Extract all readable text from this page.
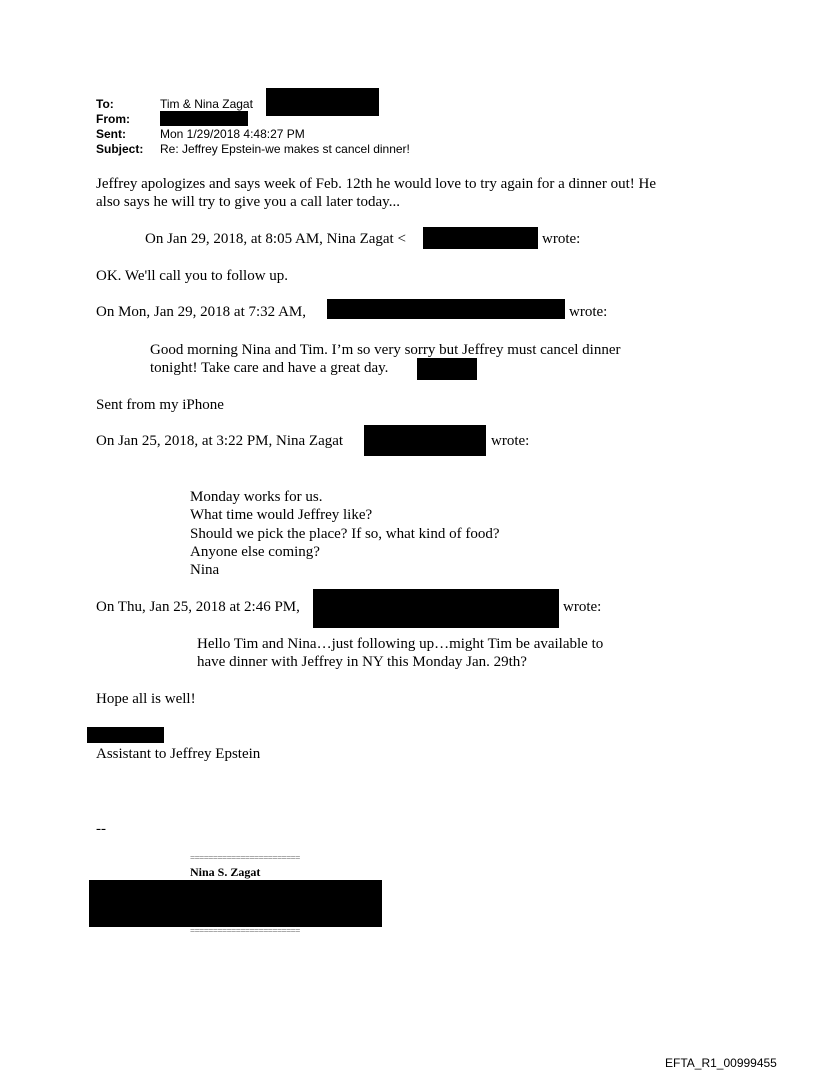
To:	Tim & Nina Zagat
From:
Sent:	Mon 1/29/2018 4:48:27 PM
Subject: Re: Jeffrey Epstein-we makes st cancel dinner!
Jeffrey apologizes and says week of Feb. 12th he would love to try again for a dinner out! He
also says he will try to give you a call later today...
On Jan 29, 2018, at 8:05 AM, Nina Zagat <	wrote:
OK. We'll call you to follow up.
On Mon, Jan 29, 2018 at 7:32 AM,	wrote:
Good morning Nina and Tim. I’m so very sorry but Jeffrey must cancel dinner
tonight! Take care and have a great day.
Sent from my iPhone
On Jan 25, 2018, at 3:22 PM, Nina Zagat	wrote:
Monday works for us.
What time would Jeffrey like?
Should we pick the place? If so, what kind of food?
Anyone else coming?
Nina
On Thu, Jan 25, 2018 at 2:46 PM,	wrote:
Hello Tim and Nina…just following up…might Tim be available to
have dinner with Jeffrey in NY this Monday Jan. 29th?
Hope all is well!
Assistant to Jeffrey Epstein
--
========================
Nina S. Zagat
========================
EFTA_R1_00999455
